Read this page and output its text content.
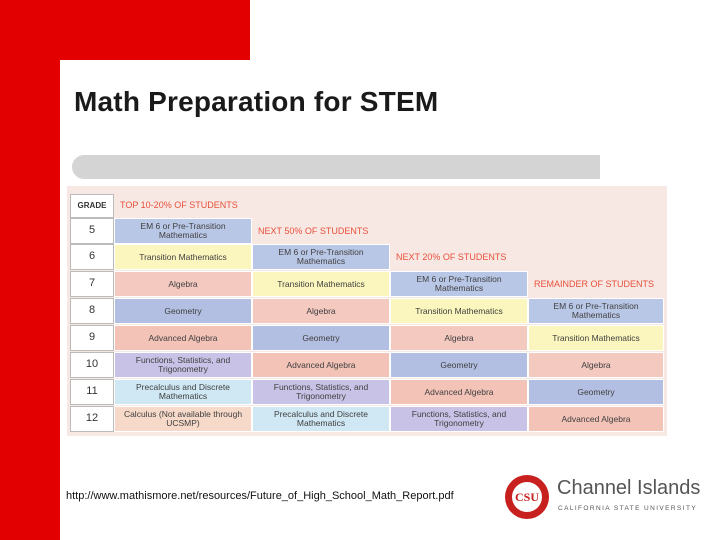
Math Preparation for STEM
GRADE
5
6
7
8
9
10
11
12
TOP 10-20% OF STUDENTS
NEXT 50% OF STUDENTS
NEXT 20% OF STUDENTS
REMAINDER OF STUDENTS
EM 6 or Pre-Transition Mathematics
Transition Mathematics
Algebra
Geometry
Advanced Algebra
Functions, Statistics, and Trigonometry
Precalculus and Discrete Mathematics
Calculus (Not available through UCSMP)
EM 6 or Pre-Transition Mathematics
Transition Mathematics
Algebra
Geometry
Advanced Algebra
Functions, Statistics, and Trigonometry
Precalculus and Discrete Mathematics
EM 6 or Pre-Transition Mathematics
Transition Mathematics
Algebra
Geometry
Advanced Algebra
Functions, Statistics, and Trigonometry
EM 6 or Pre-Transition Mathematics
Transition Mathematics
Algebra
Geometry
Advanced Algebra
http://www.mathismore.net/resources/Future_of_High_School_Math_Report.pdf	CSU Channel Islands
CALIFORNIA STATE UNIVERSITY
